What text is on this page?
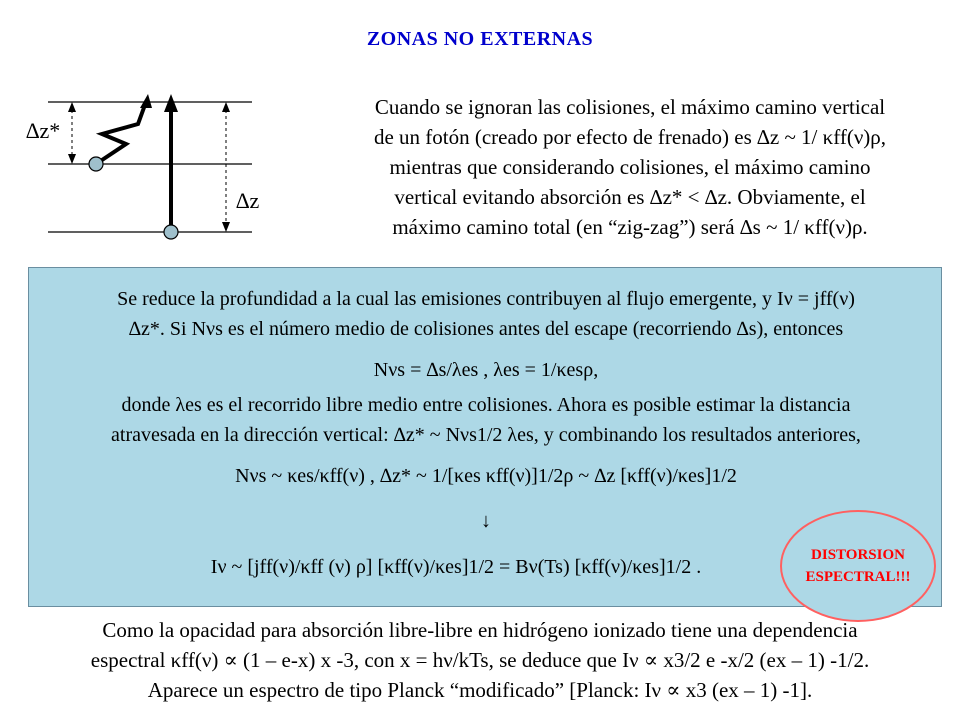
ZONAS NO EXTERNAS
∆z*
∆z
Cuando se ignoran las colisiones, el máximo camino vertical
de un fotón (creado por efecto de frenado) es ∆z ~ 1/ κff(ν)ρ,
mientras que considerando colisiones, el máximo camino
vertical evitando absorción es ∆z* < ∆z. Obviamente, el
máximo camino total (en “zig-zag”) será ∆s ~ 1/ κff(ν)ρ.

Se reduce la profundidad a la cual las emisiones contribuyen al flujo emergente, y Iν = jff(ν)
∆z*. Si Nνs es el número medio de colisiones antes del escape (recorriendo ∆s), entonces

Nνs = ∆s/λes , λes = 1/κesρ,

donde λes es el recorrido libre medio entre colisiones. Ahora es posible estimar la distancia
atravesada en la dirección vertical: ∆z* ~ Nνs1/2 λes, y combinando los resultados anteriores,

Nνs ~ κes/κff(ν) , ∆z* ~ 1/[κes κff(ν)]1/2ρ ~ ∆z [κff(ν)/κes]1/2

↓

Iν ~ [jff(ν)/κff (ν) ρ] [κff(ν)/κes]1/2 = Bν(Ts) [κff(ν)/κes]1/2 .

DISTORSION
ESPECTRAL!!!
Como la opacidad para absorción libre-libre en hidrógeno ionizado tiene una dependencia
espectral κff(ν) ∝ (1 – e-x) x -3, con x = hν/kTs, se deduce que Iν ∝ x3/2 e -x/2 (ex – 1) -1/2.
Aparece un espectro de tipo Planck “modificado” [Planck: Iν ∝ x3 (ex – 1) -1].
